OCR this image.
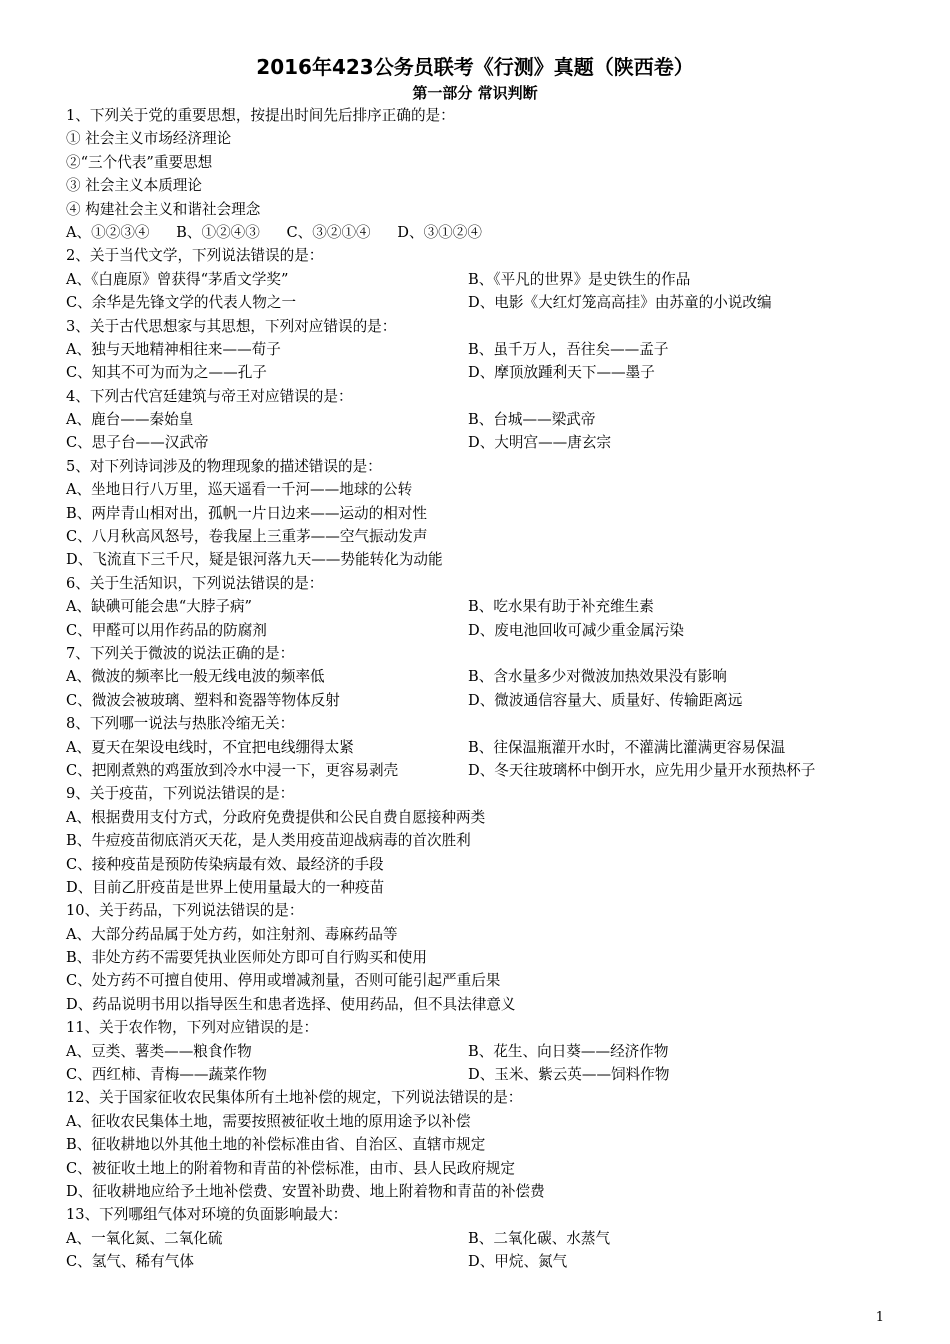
2016年423公务员联考《行测》真题（陕西卷）
第一部分 常识判断
1、下列关于党的重要思想，按提出时间先后排序正确的是：
① 社会主义市场经济理论
②“三个代表”重要思想
③ 社会主义本质理论
④ 构建社会主义和谐社会理念
A、①②③④ B、①②④③ C、③②①④ D、③①②④
2、关于当代文学，下列说法错误的是：
A、《白鹿原》曾获得“茅盾文学奖”	B、《平凡的世界》是史铁生的作品
C、余华是先锋文学的代表人物之一	D、电影《大红灯笼高高挂》由苏童的小说改编
3、关于古代思想家与其思想，下列对应错误的是：
A、独与天地精神相往来——荀子	B、虽千万人，吾往矣——孟子
C、知其不可为而为之——孔子	D、摩顶放踵利天下——墨子
4、下列古代宫廷建筑与帝王对应错误的是：
A、鹿台——秦始皇	B、台城——梁武帝
C、思子台——汉武帝	D、大明宫——唐玄宗
5、对下列诗词涉及的物理现象的描述错误的是：
A、坐地日行八万里，巡天遥看一千河——地球的公转
B、两岸青山相对出，孤帆一片日边来——运动的相对性
C、八月秋高风怒号，卷我屋上三重茅——空气振动发声
D、飞流直下三千尺，疑是银河落九天——势能转化为动能
6、关于生活知识，下列说法错误的是：
A、缺碘可能会患“大脖子病”	B、吃水果有助于补充维生素
C、甲醛可以用作药品的防腐剂	D、废电池回收可减少重金属污染
7、下列关于微波的说法正确的是：
A、微波的频率比一般无线电波的频率低	B、含水量多少对微波加热效果没有影响
C、微波会被玻璃、塑料和瓷器等物体反射	D、微波通信容量大、质量好、传输距离远
8、下列哪一说法与热胀冷缩无关：
A、夏天在架设电线时，不宜把电线绷得太紧	B、往保温瓶灌开水时，不灌满比灌满更容易保温
C、把刚煮熟的鸡蛋放到冷水中浸一下，更容易剥壳	D、冬天往玻璃杯中倒开水，应先用少量开水预热杯子
9、关于疫苗，下列说法错误的是：
A、根据费用支付方式，分政府免费提供和公民自费自愿接种两类
B、牛痘疫苗彻底消灭天花，是人类用疫苗迎战病毒的首次胜利
C、接种疫苗是预防传染病最有效、最经济的手段
D、目前乙肝疫苗是世界上使用量最大的一种疫苗
10、关于药品，下列说法错误的是：
A、大部分药品属于处方药，如注射剂、毒麻药品等
B、非处方药不需要凭执业医师处方即可自行购买和使用
C、处方药不可擅自使用、停用或增减剂量，否则可能引起严重后果
D、药品说明书用以指导医生和患者选择、使用药品，但不具法律意义
11、关于农作物，下列对应错误的是：
A、豆类、薯类——粮食作物	B、花生、向日葵——经济作物
C、西红柿、青梅——蔬菜作物	D、玉米、紫云英——饲料作物
12、关于国家征收农民集体所有土地补偿的规定，下列说法错误的是：
A、征收农民集体土地，需要按照被征收土地的原用途予以补偿
B、征收耕地以外其他土地的补偿标准由省、自治区、直辖市规定
C、被征收土地上的附着物和青苗的补偿标准，由市、县人民政府规定
D、征收耕地应给予土地补偿费、安置补助费、地上附着物和青苗的补偿费
13、下列哪组气体对环境的负面影响最大：
A、一氧化氮、二氧化硫	B、二氧化碳、水蒸气
C、氢气、稀有气体	D、甲烷、氮气
1
